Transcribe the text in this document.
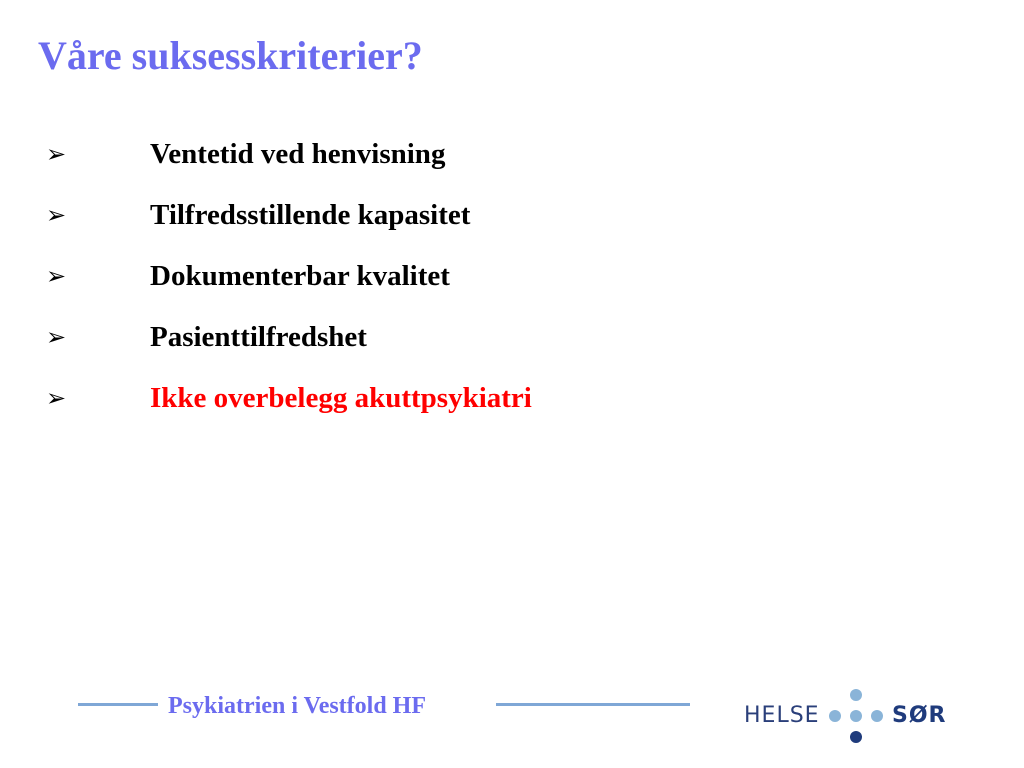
Våre suksesskriterier?
➢	Ventetid ved henvisning
➢	Tilfredsstillende kapasitet
➢	Dokumenterbar kvalitet
➢	Pasienttilfredshet
➢	Ikke overbelegg akuttpsykiatri
Psykiatrien i Vestfold HF	HELSE	SØR
